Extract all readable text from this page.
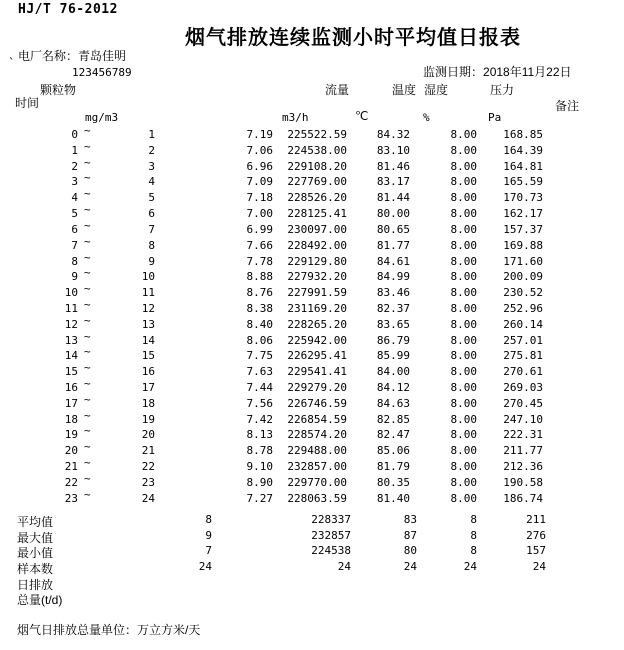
HJ/T 76-2012
烟气排放连续监测小时平均值日报表
电厂名称：青岛佳明
`
123456789	监测日期：2018年11月22日
颗粒物	流量	温度 湿度	压力
时间	备注
mg/m3	m3/h	℃	%	Pa
0 ~	1	7.19	225522.59	84.32	8.00	168.85
1 ~	2	7.06	224538.00	83.10	8.00	164.39
2 ~	3	6.96	229108.20	81.46	8.00	164.81
3 ~	4	7.09	227769.00	83.17	8.00	165.59
4 ~	5	7.18	228526.20	81.44	8.00	170.73
5 ~	6	7.00	228125.41	80.00	8.00	162.17
6 ~	7	6.99	230097.00	80.65	8.00	157.37
7 ~	8	7.66	228492.00	81.77	8.00	169.88
8 ~	9	7.78	229129.80	84.61	8.00	171.60
9 ~	10	8.88	227932.20	84.99	8.00	200.09
10 ~	11	8.76	227991.59	83.46	8.00	230.52
11 ~	12	8.38	231169.20	82.37	8.00	252.96
12 ~	13	8.40	228265.20	83.65	8.00	260.14
13 ~	14	8.06	225942.00	86.79	8.00	257.01
14 ~	15	7.75	226295.41	85.99	8.00	275.81
15 ~	16	7.63	229541.41	84.00	8.00	270.61
16 ~	17	7.44	229279.20	84.12	8.00	269.03
17 ~	18	7.56	226746.59	84.63	8.00	270.45
18 ~	19	7.42	226854.59	82.85	8.00	247.10
19 ~	20	8.13	228574.20	82.47	8.00	222.31
20 ~	21	8.78	229488.00	85.06	8.00	211.77
21 ~	22	9.10	232857.00	81.79	8.00	212.36
22 ~	23	8.90	229770.00	80.35	8.00	190.58
23 ~	24	7.27	228063.59	81.40	8.00	186.74
平均值	8	228337	83	8	211
最大值	9	232857	87	8	276
最小值	7	224538	80	8	157
样本数	24	24	24	24	24
日排放
总量(t/d)
烟气日排放总量单位：万立方米/天
